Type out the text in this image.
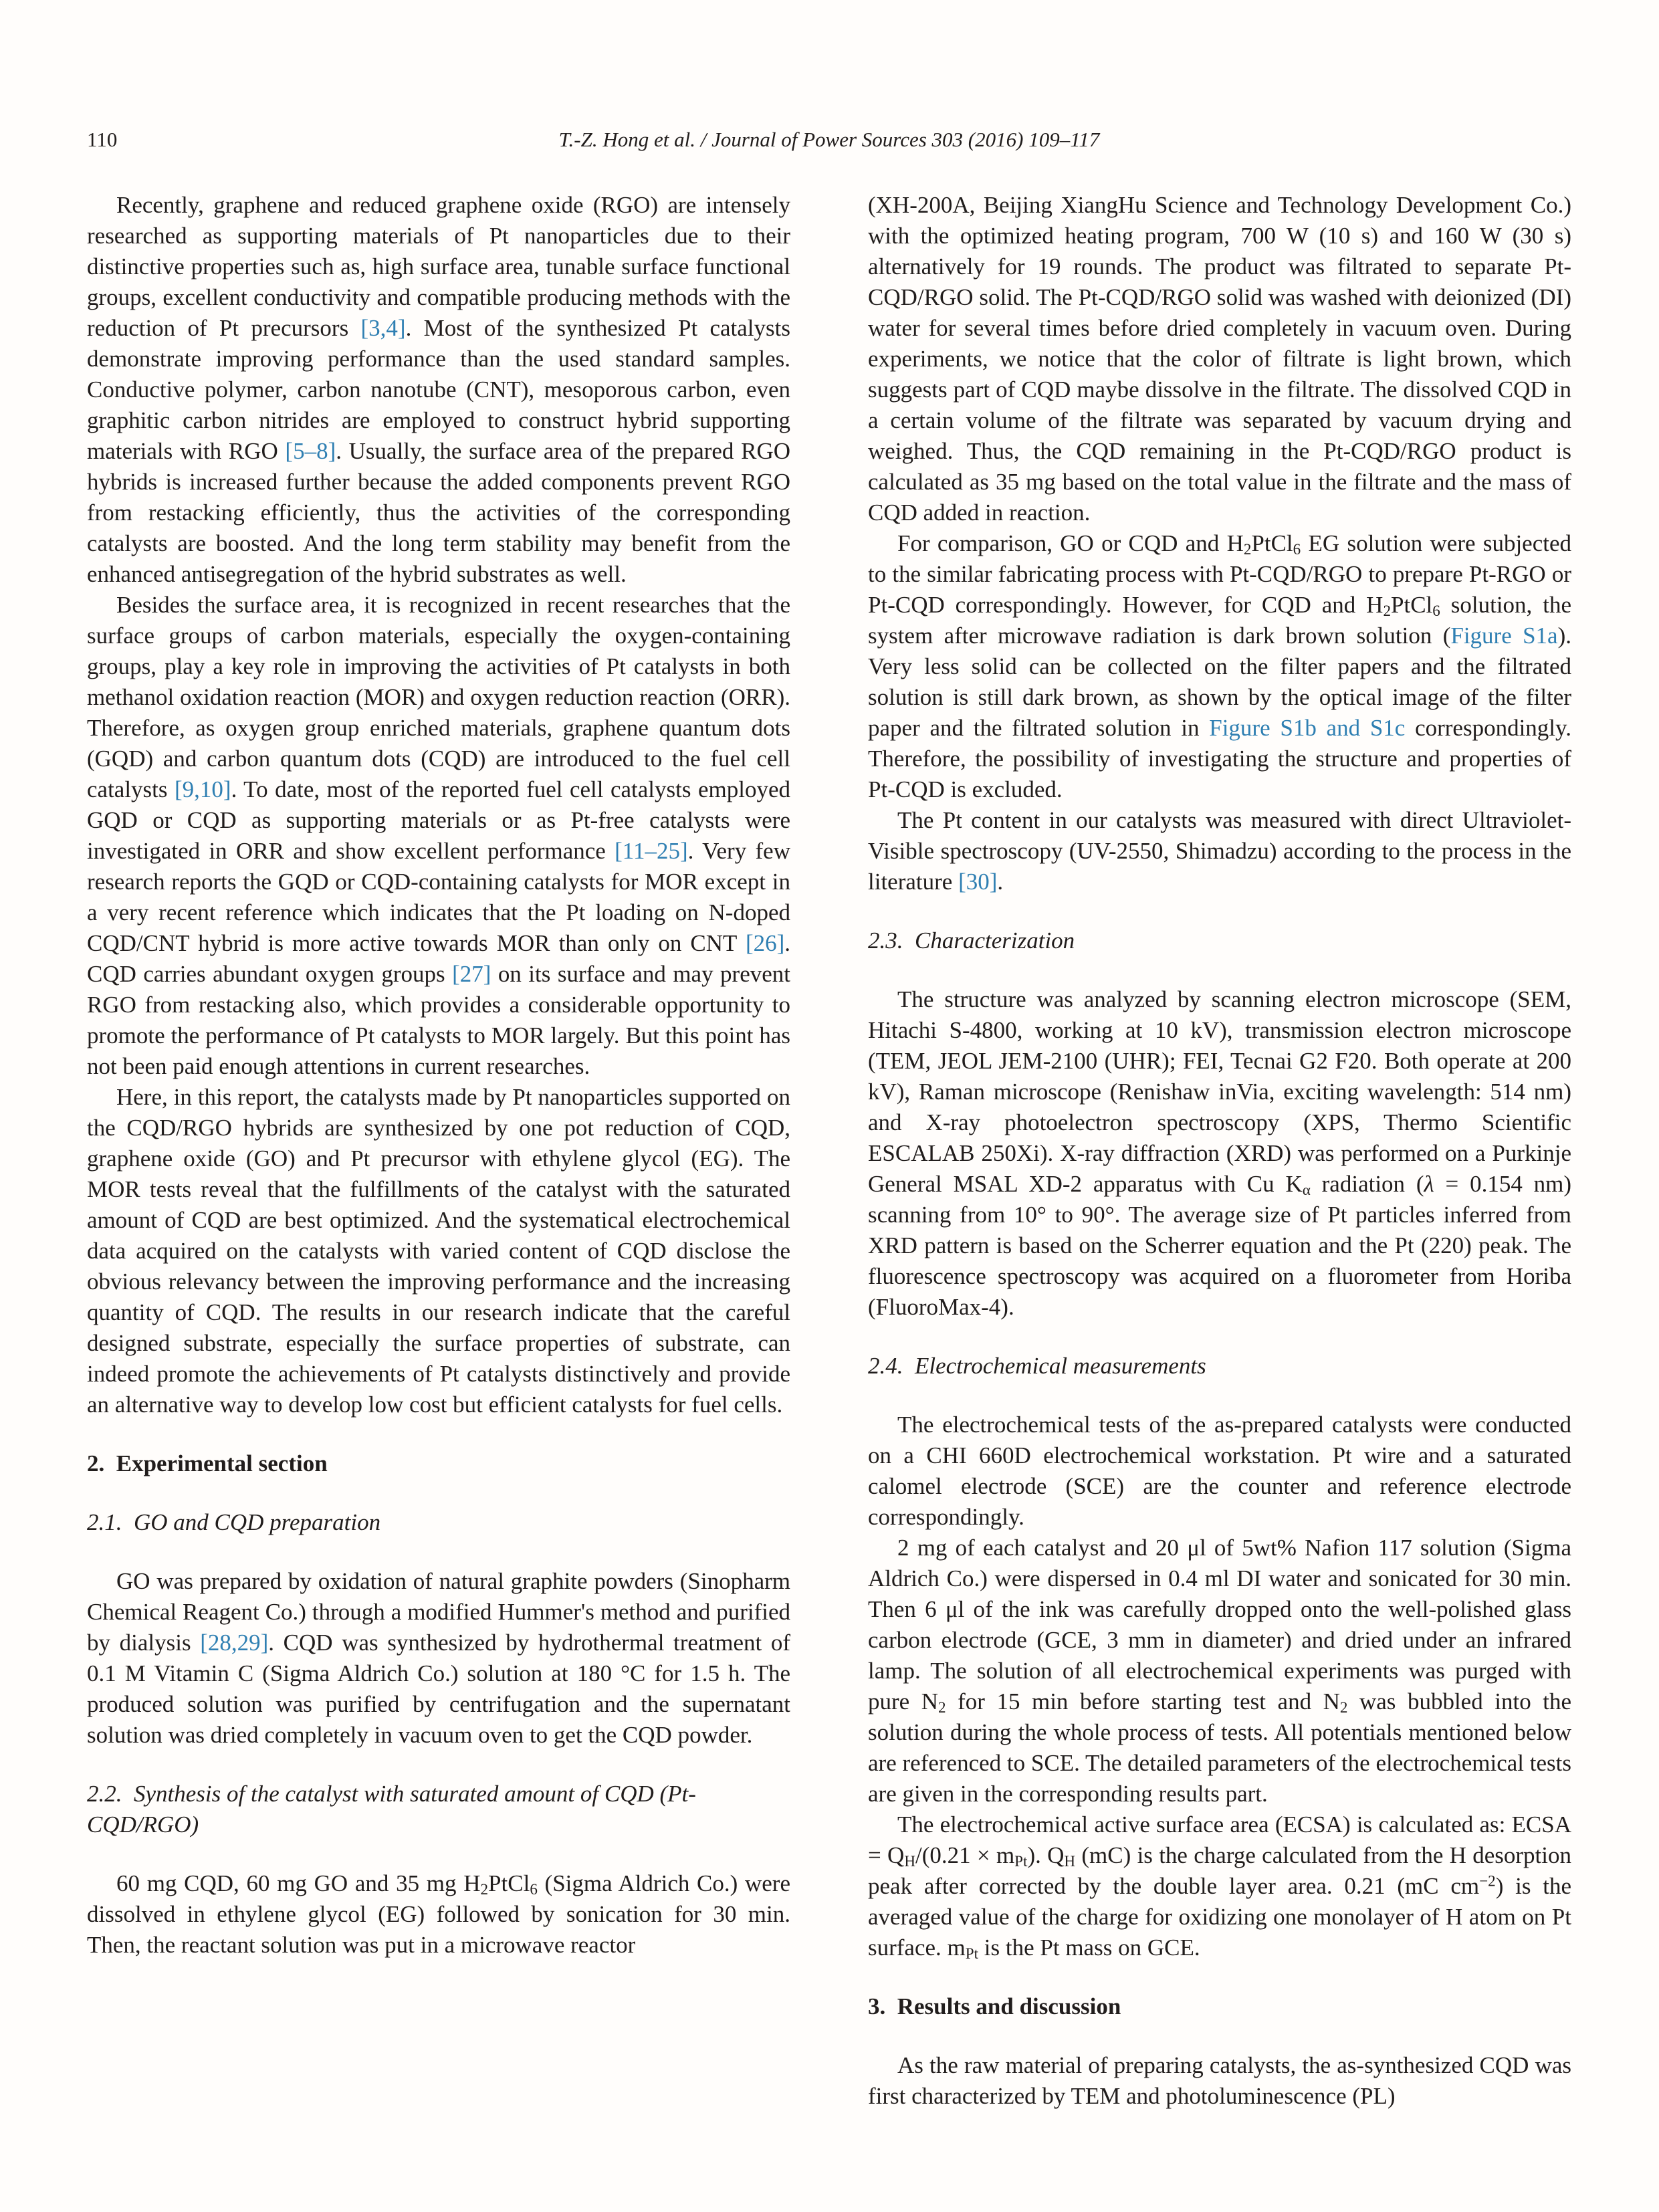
110	T.-Z. Hong et al. / Journal of Power Sources 303 (2016) 109–117

Recently, graphene and reduced graphene oxide (RGO) are intensely researched as supporting materials of Pt nanoparticles due to their distinctive properties such as, high surface area, tunable surface functional groups, excellent conductivity and compatible producing methods with the reduction of Pt precursors [3,4]. Most of the synthesized Pt catalysts demonstrate improving performance than the used standard samples. Conductive polymer, carbon nanotube (CNT), mesoporous carbon, even graphitic carbon nitrides are employed to construct hybrid supporting materials with RGO [5–8]. Usually, the surface area of the prepared RGO hybrids is increased further because the added components prevent RGO from restacking efficiently, thus the activities of the corresponding catalysts are boosted. And the long term stability may benefit from the enhanced antisegregation of the hybrid substrates as well.

Besides the surface area, it is recognized in recent researches that the surface groups of carbon materials, especially the oxygen-containing groups, play a key role in improving the activities of Pt catalysts in both methanol oxidation reaction (MOR) and oxygen reduction reaction (ORR). Therefore, as oxygen group enriched materials, graphene quantum dots (GQD) and carbon quantum dots (CQD) are introduced to the fuel cell catalysts [9,10]. To date, most of the reported fuel cell catalysts employed GQD or CQD as supporting materials or as Pt-free catalysts were investigated in ORR and show excellent performance [11–25]. Very few research reports the GQD or CQD-containing catalysts for MOR except in a very recent reference which indicates that the Pt loading on N-doped CQD/CNT hybrid is more active towards MOR than only on CNT [26]. CQD carries abundant oxygen groups [27] on its surface and may prevent RGO from restacking also, which provides a considerable opportunity to promote the performance of Pt catalysts to MOR largely. But this point has not been paid enough attentions in current researches.

Here, in this report, the catalysts made by Pt nanoparticles supported on the CQD/RGO hybrids are synthesized by one pot reduction of CQD, graphene oxide (GO) and Pt precursor with ethylene glycol (EG). The MOR tests reveal that the fulfillments of the catalyst with the saturated amount of CQD are best optimized. And the systematical electrochemical data acquired on the catalysts with varied content of CQD disclose the obvious relevancy between the improving performance and the increasing quantity of CQD. The results in our research indicate that the careful designed substrate, especially the surface properties of substrate, can indeed promote the achievements of Pt catalysts distinctively and provide an alternative way to develop low cost but efficient catalysts for fuel cells.

2. Experimental section
2.1. GO and CQD preparation

GO was prepared by oxidation of natural graphite powders (Sinopharm Chemical Reagent Co.) through a modified Hummer's method and purified by dialysis [28,29]. CQD was synthesized by hydrothermal treatment of 0.1 M Vitamin C (Sigma Aldrich Co.) solution at 180 °C for 1.5 h. The produced solution was purified by centrifugation and the supernatant solution was dried completely in vacuum oven to get the CQD powder.

2.2. Synthesis of the catalyst with saturated amount of CQD (Pt-CQD/RGO)

60 mg CQD, 60 mg GO and 35 mg $H_2PtCl_6$ (Sigma Aldrich Co.) were dissolved in ethylene glycol (EG) followed by sonication for 30 min. Then, the reactant solution was put in a microwave reactor

(XH-200A, Beijing XiangHu Science and Technology Development Co.) with the optimized heating program, 700 W (10 s) and 160 W (30 s) alternatively for 19 rounds. The product was filtrated to separate Pt-CQD/RGO solid. The Pt-CQD/RGO solid was washed with deionized (DI) water for several times before dried completely in vacuum oven. During experiments, we notice that the color of filtrate is light brown, which suggests part of CQD maybe dissolve in the filtrate. The dissolved CQD in a certain volume of the filtrate was separated by vacuum drying and weighed. Thus, the CQD remaining in the Pt-CQD/RGO product is calculated as 35 mg based on the total value in the filtrate and the mass of CQD added in reaction.

For comparison, GO or CQD and $H_2PtCl_6$ EG solution were subjected to the similar fabricating process with Pt-CQD/RGO to prepare Pt-RGO or Pt-CQD correspondingly. However, for CQD and $H_2PtCl_6$ solution, the system after microwave radiation is dark brown solution (Figure S1a). Very less solid can be collected on the filter papers and the filtrated solution is still dark brown, as shown by the optical image of the filter paper and the filtrated solution in Figure S1b and S1c correspondingly. Therefore, the possibility of investigating the structure and properties of Pt-CQD is excluded.

The Pt content in our catalysts was measured with direct Ultraviolet-Visible spectroscopy (UV-2550, Shimadzu) according to the process in the literature [30].

2.3. Characterization

The structure was analyzed by scanning electron microscope (SEM, Hitachi S-4800, working at 10 kV), transmission electron microscope (TEM, JEOL JEM-2100 (UHR); FEI, Tecnai G2 F20. Both operate at 200 kV), Raman microscope (Renishaw inVia, exciting wavelength: 514 nm) and X-ray photoelectron spectroscopy (XPS, Thermo Scientific ESCALAB 250Xi). X-ray diffraction (XRD) was performed on a Purkinje General MSAL XD-2 apparatus with Cu $K_\alpha$ radiation (λ = 0.154 nm) scanning from 10° to 90°. The average size of Pt particles inferred from XRD pattern is based on the Scherrer equation and the Pt (220) peak. The fluorescence spectroscopy was acquired on a fluorometer from Horiba (FluoroMax-4).

2.4. Electrochemical measurements

The electrochemical tests of the as-prepared catalysts were conducted on a CHI 660D electrochemical workstation. Pt wire and a saturated calomel electrode (SCE) are the counter and reference electrode correspondingly.

2 mg of each catalyst and 20 μl of 5wt% Nafion 117 solution (Sigma Aldrich Co.) were dispersed in 0.4 ml DI water and sonicated for 30 min. Then 6 μl of the ink was carefully dropped onto the well-polished glass carbon electrode (GCE, 3 mm in diameter) and dried under an infrared lamp. The solution of all electrochemical experiments was purged with pure $N_2$ for 15 min before starting test and $N_2$ was bubbled into the solution during the whole process of tests. All potentials mentioned below are referenced to SCE. The detailed parameters of the electrochemical tests are given in the corresponding results part.

The electrochemical active surface area (ECSA) is calculated as: ECSA = $Q_H/(0.21 \times m_{Pt})$. $Q_H$ (mC) is the charge calculated from the H desorption peak after corrected by the double layer area. 0.21 (mC $cm^{-2}$) is the averaged value of the charge for oxidizing one monolayer of H atom on Pt surface. $m_{Pt}$ is the Pt mass on GCE.

3. Results and discussion

As the raw material of preparing catalysts, the as-synthesized CQD was first characterized by TEM and photoluminescence (PL)
